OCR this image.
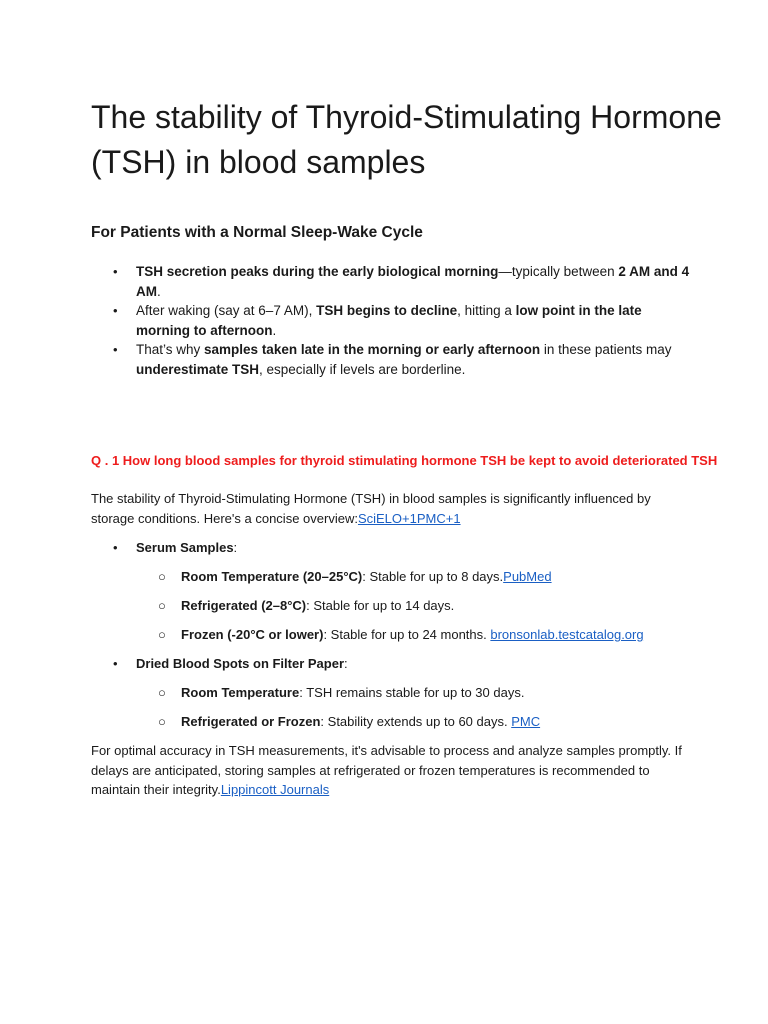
The stability of Thyroid-Stimulating Hormone (TSH) in blood samples
For Patients with a Normal Sleep-Wake Cycle
• TSH secretion peaks during the early biological morning—typically between 2 AM and 4 AM.
• After waking (say at 6–7 AM), TSH begins to decline, hitting a low point in the late morning to afternoon.
• That’s why samples taken late in the morning or early afternoon in these patients may underestimate TSH, especially if levels are borderline.

Q . 1 How long blood samples for thyroid stimulating hormone TSH be kept to avoid deteriorated TSH

The stability of Thyroid-Stimulating Hormone (TSH) in blood samples is significantly influenced by storage conditions. Here's a concise overview:SciELO+1PMC+1

• Serum Samples:

○ Room Temperature (20–25°C): Stable for up to 8 days.PubMed

○ Refrigerated (2–8°C): Stable for up to 14 days.

○ Frozen (-20°C or lower): Stable for up to 24 months. bronsonlab.testcatalog.org

• Dried Blood Spots on Filter Paper:

○ Room Temperature: TSH remains stable for up to 30 days.

○ Refrigerated or Frozen: Stability extends up to 60 days. PMC

For optimal accuracy in TSH measurements, it's advisable to process and analyze samples promptly. If delays are anticipated, storing samples at refrigerated or frozen temperatures is recommended to maintain their integrity.Lippincott Journals
